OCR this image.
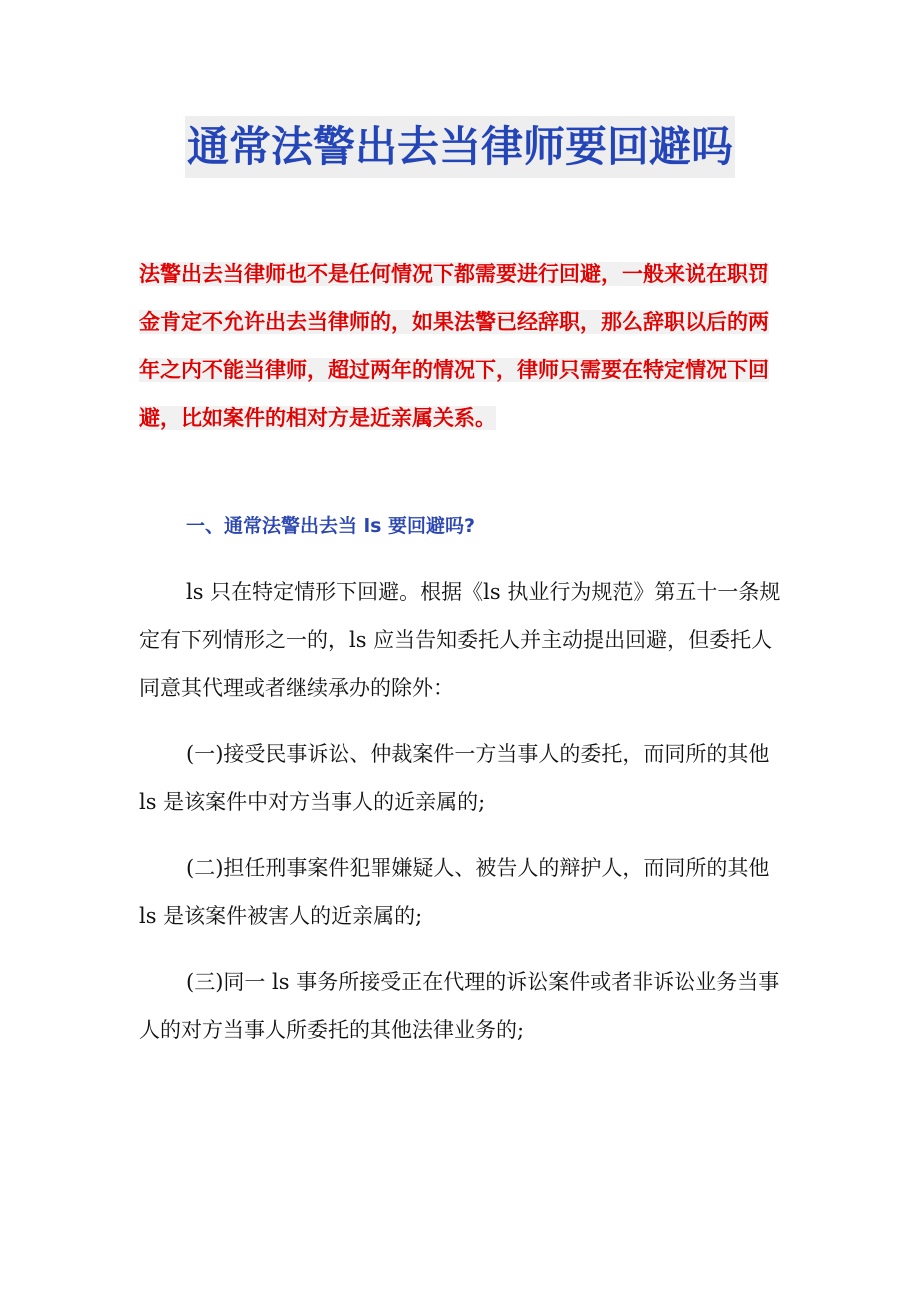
通常法警出去当律师要回避吗

法警出去当律师也不是任何情况下都需要进行回避，一般来说在职罚金肯定不允许出去当律师的，如果法警已经辞职，那么辞职以后的两年之内不能当律师，超过两年的情况下，律师只需要在特定情况下回避，比如案件的相对方是近亲属关系。

一、通常法警出去当 ls 要回避吗?

ls 只在特定情形下回避。根据《ls 执业行为规范》第五十一条规定有下列情形之一的，ls 应当告知委托人并主动提出回避，但委托人同意其代理或者继续承办的除外：

(一)接受民事诉讼、仲裁案件一方当事人的委托，而同所的其他 ls 是该案件中对方当事人的近亲属的;

(二)担任刑事案件犯罪嫌疑人、被告人的辩护人，而同所的其他 ls 是该案件被害人的近亲属的;

(三)同一 ls 事务所接受正在代理的诉讼案件或者非诉讼业务当事人的对方当事人所委托的其他法律业务的;
